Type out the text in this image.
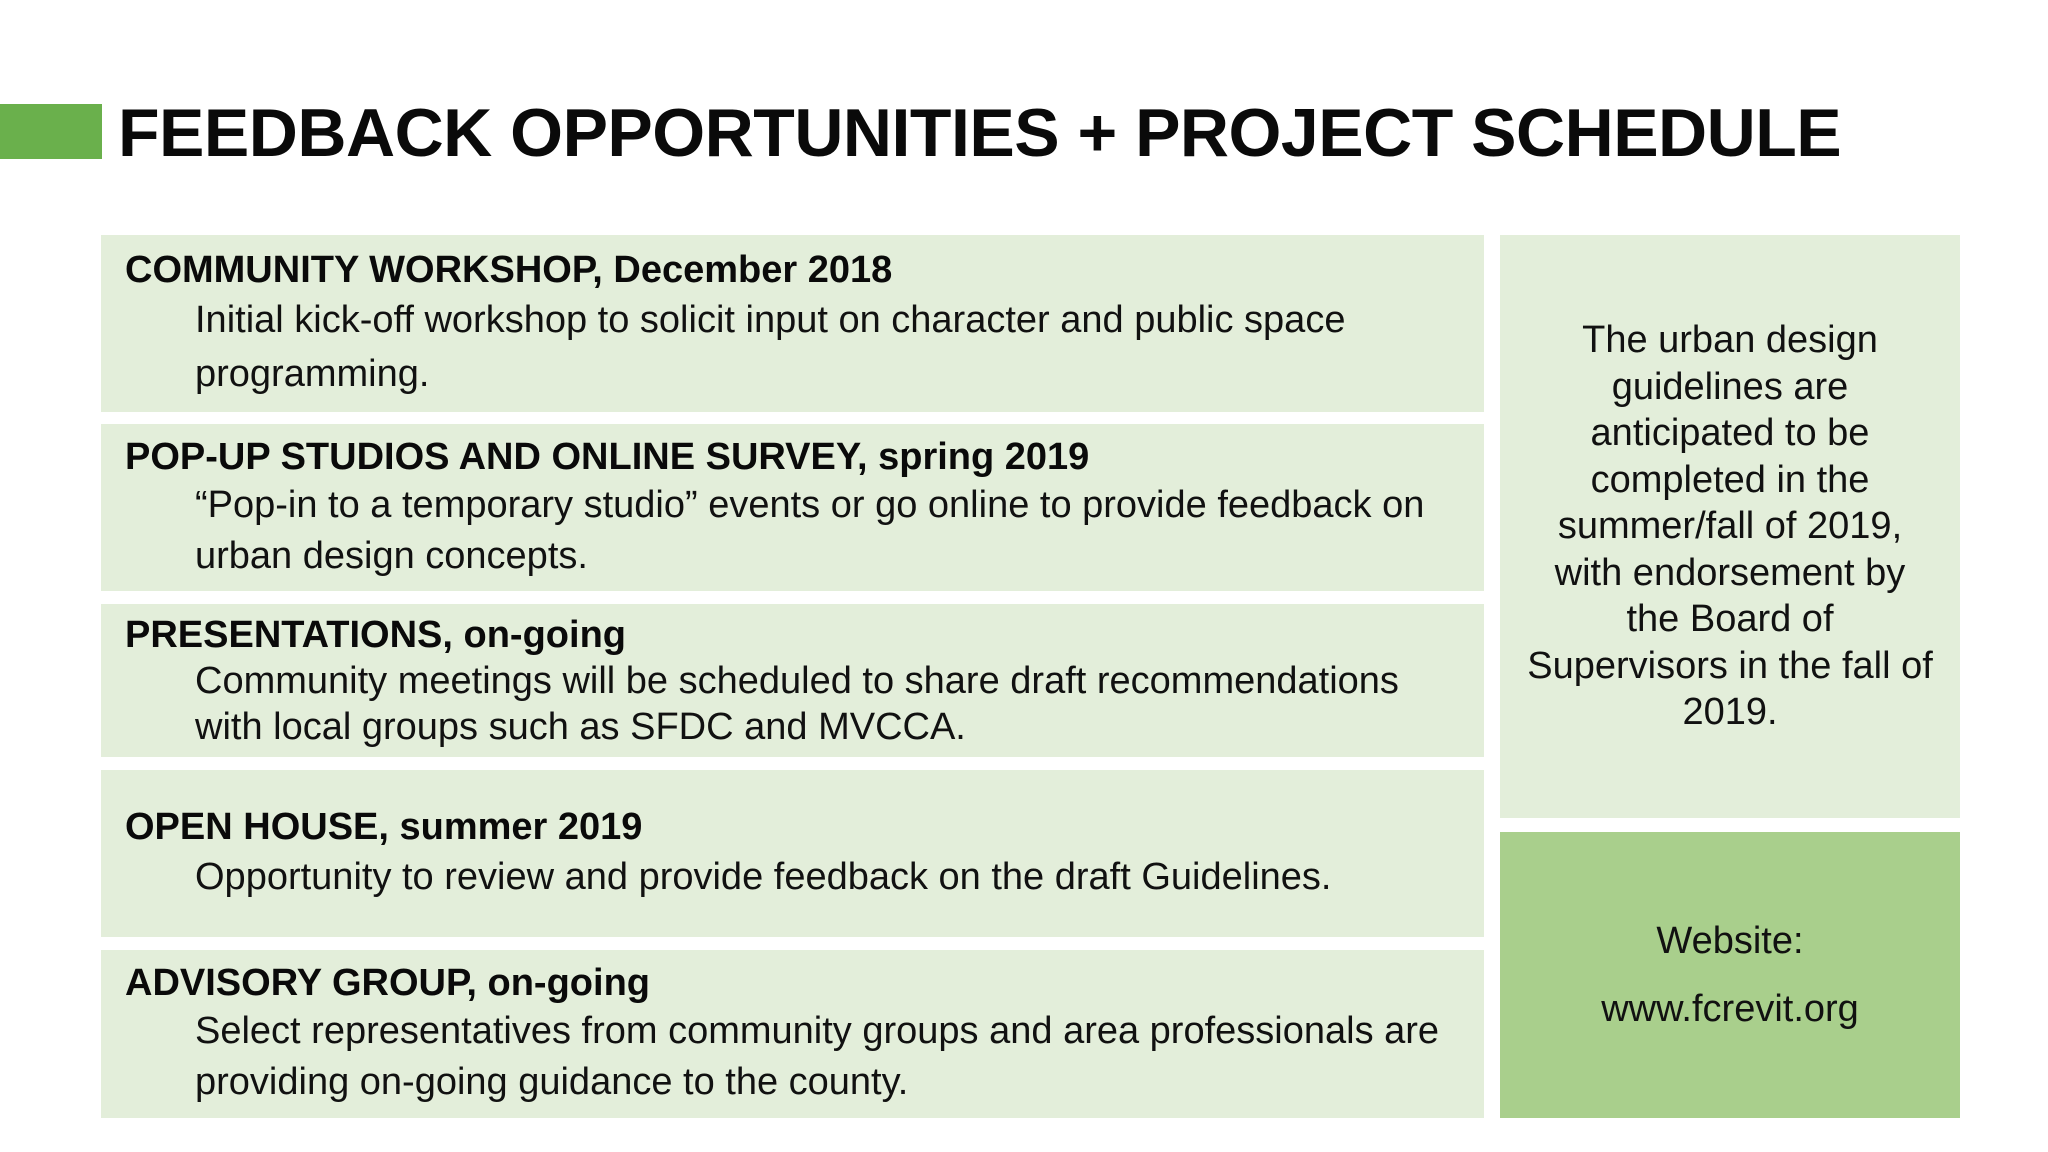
FEEDBACK OPPORTUNITIES + PROJECT SCHEDULE
COMMUNITY WORKSHOP, December 2018
Initial kick-off workshop to solicit input on character and public space programming.
POP-UP STUDIOS AND ONLINE SURVEY, spring 2019
“Pop-in to a temporary studio” events or go online to provide feedback on urban design concepts.
PRESENTATIONS, on-going
Community meetings will be scheduled to share draft recommendations with local groups such as SFDC and MVCCA.
OPEN HOUSE, summer 2019
Opportunity to review and provide feedback on the draft Guidelines.
ADVISORY GROUP, on-going
Select representatives from community groups and area professionals are providing on-going guidance to the county.
The urban design guidelines are anticipated to be completed in the summer/fall of 2019, with endorsement by the Board of Supervisors in the fall of 2019.
Website:
www.fcrevit.org
